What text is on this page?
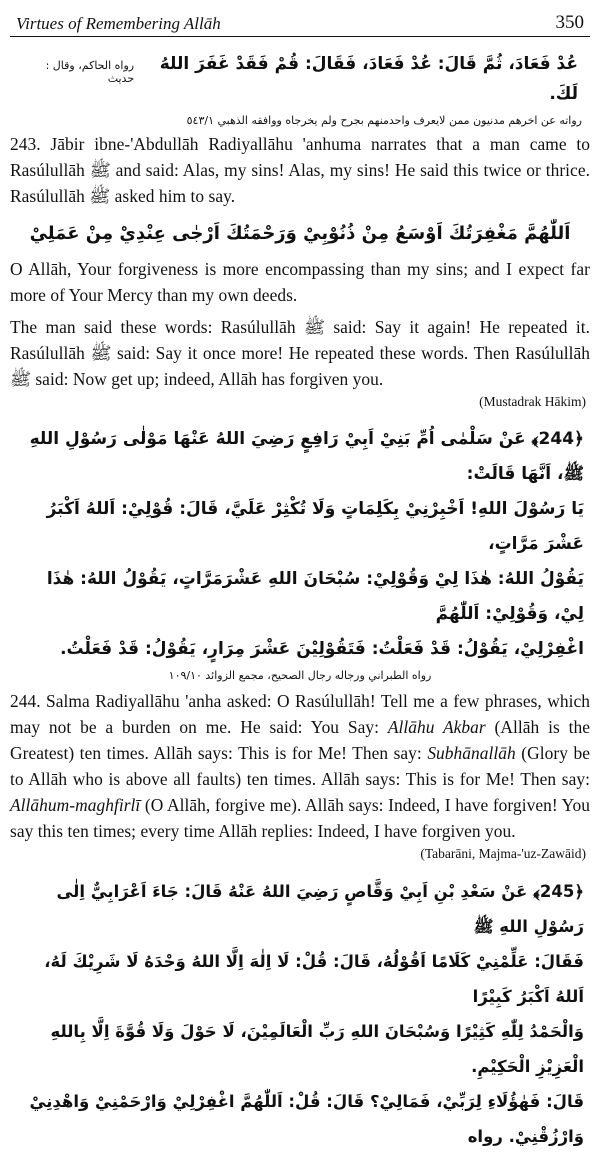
Virtues of Remembering Allāh	350
عُدْ فَعَادَ، ثُمَّ قَالَ: عُدْ فَعَادَ، فَقَالَ: قُمْ فَقَدْ غَفَرَ اللهُ لَكَ.
رواه الحاكم، وقال : حديث
رواته عن اخرهم مدنيون ممن لايعرف واحدمنهم بجرح ولم يخرجاه ووافقه الذهبي ٥٤٣/١

243. Jābir ibne-'Abdullāh Radiyallāhu 'anhuma narrates that a man came to Rasúlullāh ﷺ and said: Alas, my sins! Alas, my sins! He said this twice or thrice. Rasúlullāh ﷺ asked him to say.

اَللّٰهُمَّ مَغْفِرَتُكَ اَوْسَعُ مِنْ ذُنُوْبِيْ وَرَحْمَتُكَ اَرْجٰى عِنْدِيْ مِنْ عَمَلِيْ

O Allāh, Your forgiveness is more encompassing than my sins; and I expect far more of Your Mercy than my own deeds.

The man said these words: Rasúlullāh ﷺ said: Say it again! He repeated it. Rasúlullāh ﷺ said: Say it once more! He repeated these words. Then Rasúlullāh ﷺ said: Now get up; indeed, Allāh has forgiven you.

(Mustadrak Hākim)
﴿244﴾ عَنْ سَلْمٰى اُمِّ بَنِيْ اَبِيْ رَافِعٍ رَضِيَ اللهُ عَنْهَا مَوْلٰى رَسُوْلِ اللهِ ﷺ، اَنَّهَا قَالَتْ:
يَا رَسُوْلَ اللهِ! اَخْبِرْنِيْ بِكَلِمَاتٍ وَلَا تُكْثِرْ عَلَيَّ، قَالَ: قُوْلِيْ: اَللهُ اَكْبَرُ عَشْرَ مَرَّاتٍ،
يَقُوْلُ اللهُ: هٰذَا لِيْ وَقُوْلِيْ: سُبْحَانَ اللهِ عَشْرَمَرَّاتٍ، يَقُوْلُ اللهُ: هٰذَا لِيْ، وَقُوْلِيْ: اَللّٰهُمَّ
اغْفِرْلِيْ، يَقُوْلُ: قَدْ فَعَلْتُ: فَتَقُوْلِيْنَ عَشْرَ مِرَارٍ، يَقُوْلُ: قَدْ فَعَلْتُ.
رواه الطبراني ورجاله رجال الصحيح، مجمع الزوائد ١٠٩/١٠

244. Salma Radiyallāhu 'anha asked: O Rasúlullāh! Tell me a few phrases, which may not be a burden on me. He said: You Say: Allāhu Akbar (Allāh is the Greatest) ten times. Allāh says: This is for Me! Then say: Subhānallāh (Glory be to Allāh who is above all faults) ten times. Allāh says: This is for Me! Then say: Allāhum-maghfirlī (O Allāh, forgive me). Allāh says: Indeed, I have forgiven! You say this ten times; every time Allāh replies: Indeed, I have forgiven you.

(Tabarāni, Majma-'uz-Zawāid)
﴿245﴾ عَنْ سَعْدِ بْنِ اَبِيْ وَقَّاصٍ رَضِيَ اللهُ عَنْهُ قَالَ: جَاءَ اَعْرَابِيٌّ اِلٰى رَسُوْلِ اللهِ ﷺ
فَقَالَ: عَلِّمْنِيْ كَلَامًا اَقُوْلُهُ، قَالَ: قُلْ: لَا اِلٰهَ اِلَّا اللهُ وَحْدَهُ لَا شَرِيْكَ لَهُ، اَللهُ اَكْبَرُ كَبِيْرًا
وَالْحَمْدُ لِلّٰهِ كَثِيْرًا وَسُبْحَانَ اللهِ رَبِّ الْعَالَمِيْنَ، لَا حَوْلَ وَلَا قُوَّةَ اِلَّا بِاللهِ الْعَزِيْزِ الْحَكِيْمِ.
قَالَ: فَهٰؤُلَاءِ لِرَبِّيْ، فَمَالِيْ؟ قَالَ: قُلْ: اَللّٰهُمَّ اغْفِرْلِيْ وَارْحَمْنِيْ وَاهْدِنِيْ وَارْزُقْنِيْ. رواه
